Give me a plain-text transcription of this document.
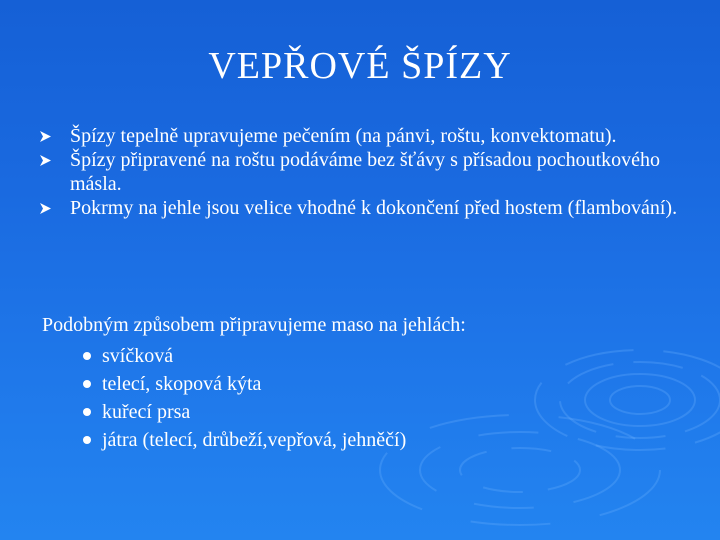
VEPŘOVÉ ŠPÍZY
Špízy tepelně upravujeme pečením (na pánvi, roštu, konvektomatu).
Špízy připravené na roštu podáváme bez šťávy s přísadou pochoutkového másla.
Pokrmy na jehle jsou velice vhodné k dokončení před hostem (flambování).

Podobným způsobem připravujeme maso na jehlách:

svíčková
telecí, skopová kýta
kuřecí prsa
játra (telecí, drůbeží,vepřová, jehněčí)
